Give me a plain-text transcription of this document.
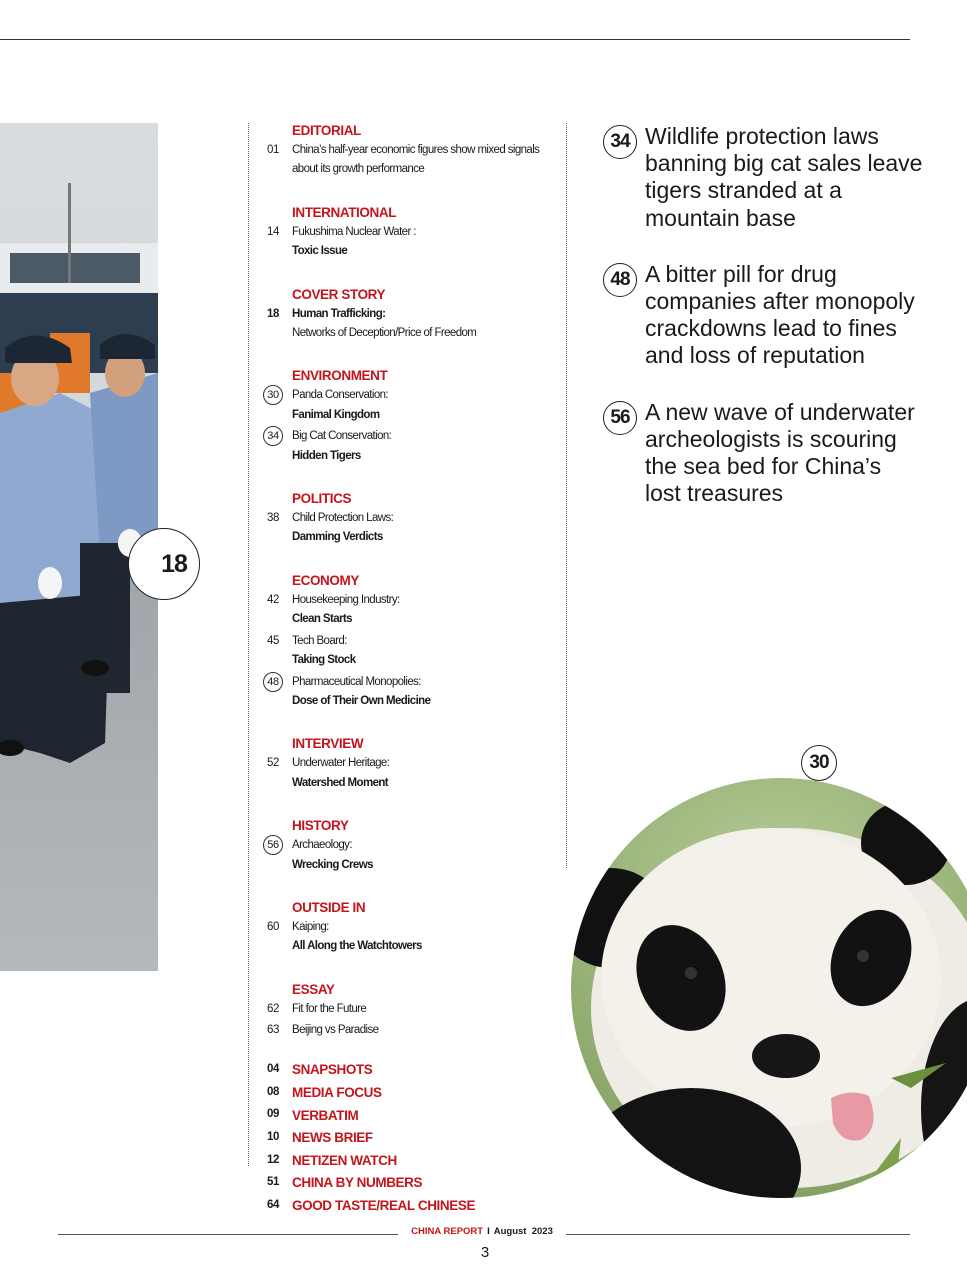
18
EDITORIAL
01	China’s half-year economic figures show mixed signals
about its growth performance
INTERNATIONAL
14	Fukushima Nuclear Water :
Toxic Issue
COVER STORY
18	Human Trafficking:
Networks of Deception/Price of Freedom
ENVIRONMENT
30	Panda Conservation:
Fanimal Kingdom
34	Big Cat Conservation:
Hidden Tigers
POLITICS
38	Child Protection Laws:
Damming Verdicts
ECONOMY
42	Housekeeping Industry:
Clean Starts
45	Tech Board:
Taking Stock
48	Pharmaceutical Monopolies:
Dose of Their Own Medicine
INTERVIEW
52	Underwater Heritage:
Watershed Moment
HISTORY
56	Archaeology:
Wrecking Crews
OUTSIDE IN
60	Kaiping:
All Along the Watchtowers
ESSAY
62	Fit for the Future
63	Beijing vs Paradise
04 SNAPSHOTS
08 MEDIA FOCUS
09 VERBATIM
10 NEWS BRIEF
12 NETIZEN WATCH
51 CHINA BY NUMBERS
64 GOOD TASTE/REAL CHINESE
34 Wildlife protection laws banning big cat sales leave tigers stranded at a mountain base
48 A bitter pill for drug companies after monopoly crackdowns lead to fines and loss of reputation
56 A new wave of underwater archeologists is scouring the sea bed for China’s lost treasures
30
CHINA REPORT I August  2023
3
